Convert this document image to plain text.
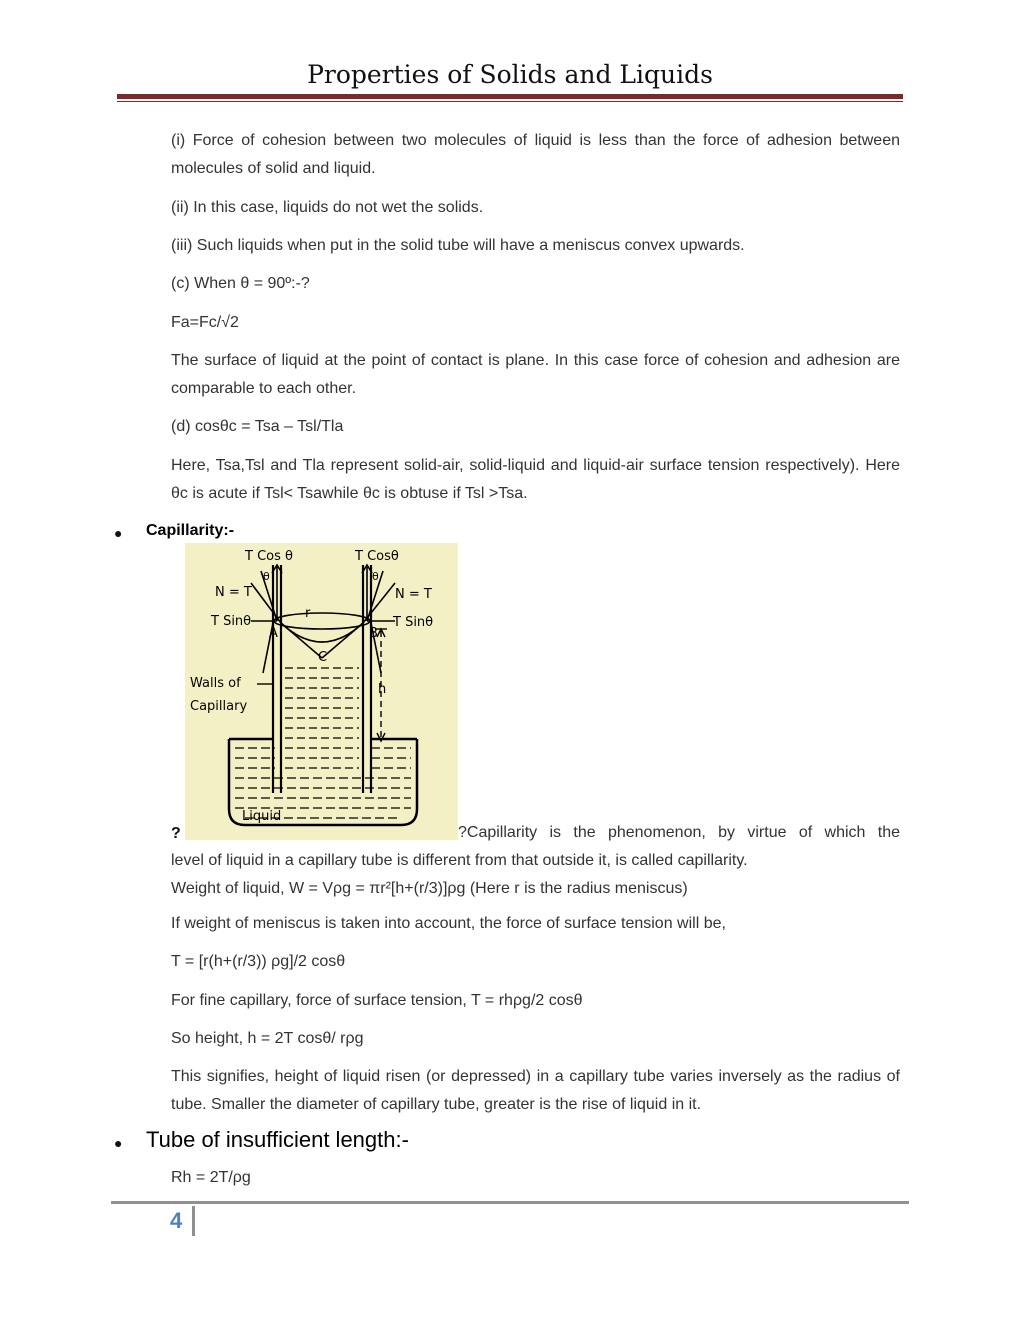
Properties of Solids and Liquids
(i) Force of cohesion between two molecules of liquid is less than the force of adhesion between molecules of solid and liquid.
(ii) In this case, liquids do not wet the solids.
(iii) Such liquids when put in the solid tube will have a meniscus convex upwards.
(c) When θ = 90º:-?
Fa=Fc/√2
The surface of liquid at the point of contact is plane. In this case force of cohesion and adhesion are comparable to each other.
(d) cosθc = Tsa – Tsl/Tla
Here, Tsa,Tsl and Tla represent solid-air, solid-liquid and liquid-air surface tension respectively). Here θc is acute if Tsl< Tsawhile θc is obtuse if Tsl >Tsa.
● Capillarity:-
T Cos θ	T Cosθ
N = T	N = T
T Sinθ	T Sinθ
r
A	B
C
h
Walls of
Capillary
Liquid
θ	θ
?	?Capillarity is the phenomenon, by virtue of which the
level of liquid in a capillary tube is different from that outside it, is called capillarity.
Weight of liquid, W = Vρg = πr²[h+(r/3)]ρg (Here r is the radius meniscus)
If weight of meniscus is taken into account, the force of surface tension will be,
T = [r(h+(r/3)) ρg]/2 cosθ
For fine capillary, force of surface tension, T = rhρg/2 cosθ
So height, h = 2T cosθ/ rρg
This signifies, height of liquid risen (or depressed) in a capillary tube varies inversely as the radius of tube. Smaller the diameter of capillary tube, greater is the rise of liquid in it.
● Tube of insufficient length:-
Rh = 2T/ρg
4
